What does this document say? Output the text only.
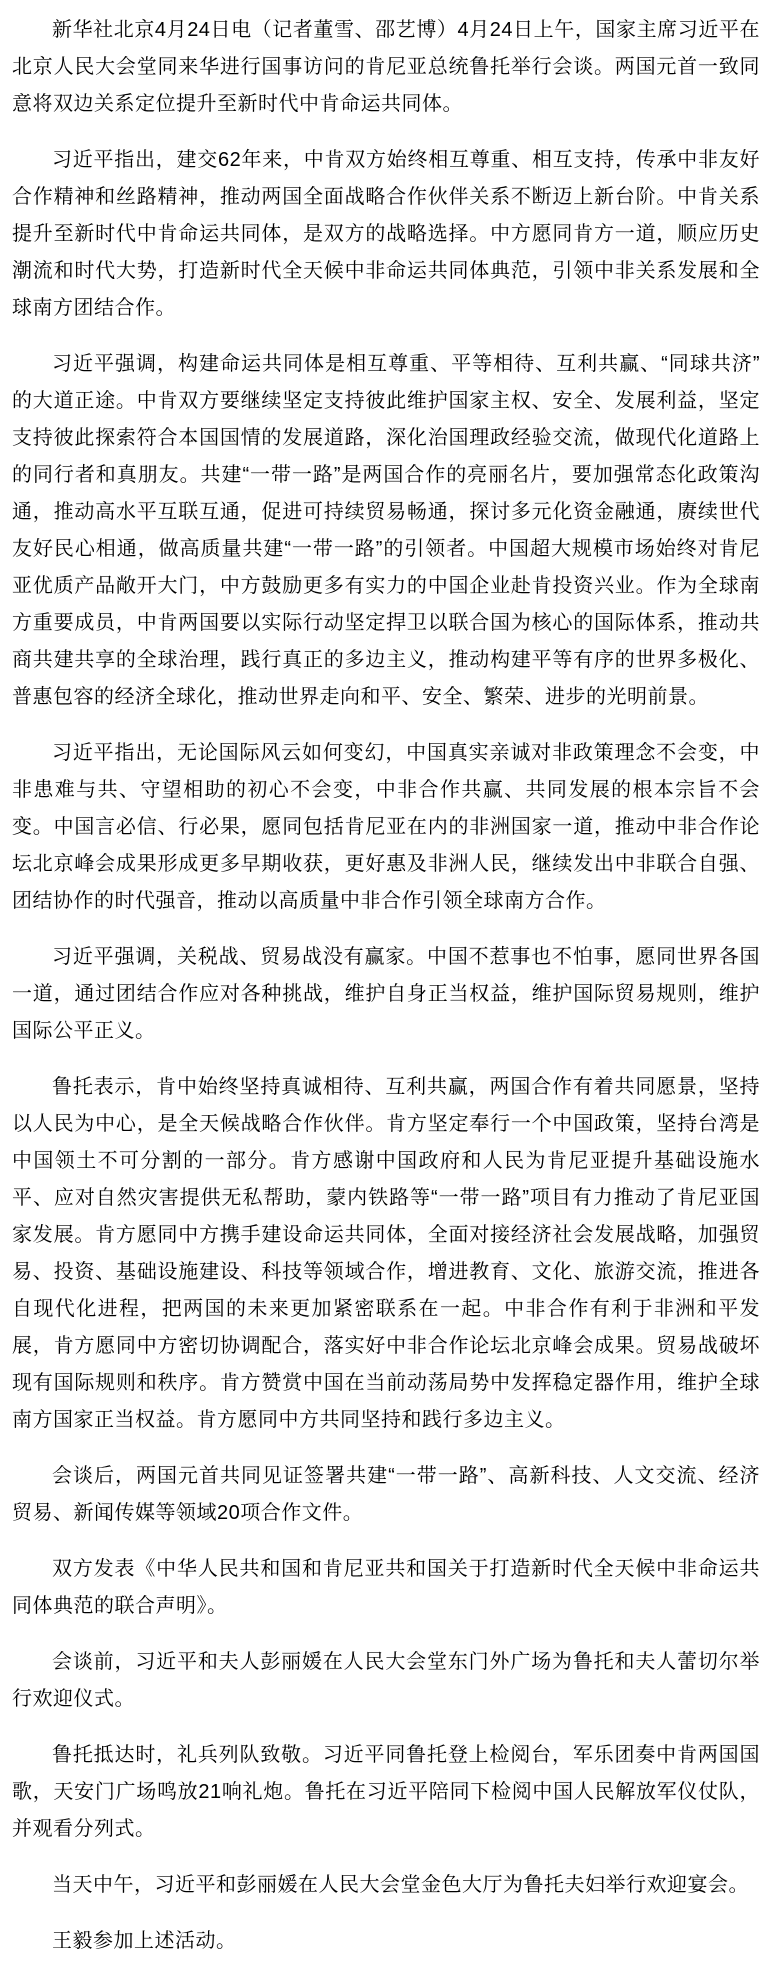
新华社北京4月24日电（记者董雪、邵艺博）4月24日上午，国家主席习近平在北京人民大会堂同来华进行国事访问的肯尼亚总统鲁托举行会谈。两国元首一致同意将双边关系定位提升至新时代中肯命运共同体。

习近平指出，建交62年来，中肯双方始终相互尊重、相互支持，传承中非友好合作精神和丝路精神，推动两国全面战略合作伙伴关系不断迈上新台阶。中肯关系提升至新时代中肯命运共同体，是双方的战略选择。中方愿同肯方一道，顺应历史潮流和时代大势，打造新时代全天候中非命运共同体典范，引领中非关系发展和全球南方团结合作。

习近平强调，构建命运共同体是相互尊重、平等相待、互利共赢、“同球共济”的大道正途。中肯双方要继续坚定支持彼此维护国家主权、安全、发展利益，坚定支持彼此探索符合本国国情的发展道路，深化治国理政经验交流，做现代化道路上的同行者和真朋友。共建“一带一路”是两国合作的亮丽名片，要加强常态化政策沟通，推动高水平互联互通，促进可持续贸易畅通，探讨多元化资金融通，赓续世代友好民心相通，做高质量共建“一带一路”的引领者。中国超大规模市场始终对肯尼亚优质产品敞开大门，中方鼓励更多有实力的中国企业赴肯投资兴业。作为全球南方重要成员，中肯两国要以实际行动坚定捍卫以联合国为核心的国际体系，推动共商共建共享的全球治理，践行真正的多边主义，推动构建平等有序的世界多极化、普惠包容的经济全球化，推动世界走向和平、安全、繁荣、进步的光明前景。

习近平指出，无论国际风云如何变幻，中国真实亲诚对非政策理念不会变，中非患难与共、守望相助的初心不会变，中非合作共赢、共同发展的根本宗旨不会变。中国言必信、行必果，愿同包括肯尼亚在内的非洲国家一道，推动中非合作论坛北京峰会成果形成更多早期收获，更好惠及非洲人民，继续发出中非联合自强、团结协作的时代强音，推动以高质量中非合作引领全球南方合作。

习近平强调，关税战、贸易战没有赢家。中国不惹事也不怕事，愿同世界各国一道，通过团结合作应对各种挑战，维护自身正当权益，维护国际贸易规则，维护国际公平正义。

鲁托表示，肯中始终坚持真诚相待、互利共赢，两国合作有着共同愿景，坚持以人民为中心，是全天候战略合作伙伴。肯方坚定奉行一个中国政策，坚持台湾是中国领土不可分割的一部分。肯方感谢中国政府和人民为肯尼亚提升基础设施水平、应对自然灾害提供无私帮助，蒙内铁路等“一带一路”项目有力推动了肯尼亚国家发展。肯方愿同中方携手建设命运共同体，全面对接经济社会发展战略，加强贸易、投资、基础设施建设、科技等领域合作，增进教育、文化、旅游交流，推进各自现代化进程，把两国的未来更加紧密联系在一起。中非合作有利于非洲和平发展，肯方愿同中方密切协调配合，落实好中非合作论坛北京峰会成果。贸易战破坏现有国际规则和秩序。肯方赞赏中国在当前动荡局势中发挥稳定器作用，维护全球南方国家正当权益。肯方愿同中方共同坚持和践行多边主义。

会谈后，两国元首共同见证签署共建“一带一路”、高新科技、人文交流、经济贸易、新闻传媒等领域20项合作文件。

双方发表《中华人民共和国和肯尼亚共和国关于打造新时代全天候中非命运共同体典范的联合声明》。

会谈前，习近平和夫人彭丽媛在人民大会堂东门外广场为鲁托和夫人蕾切尔举行欢迎仪式。

鲁托抵达时，礼兵列队致敬。习近平同鲁托登上检阅台，军乐团奏中肯两国国歌，天安门广场鸣放21响礼炮。鲁托在习近平陪同下检阅中国人民解放军仪仗队，并观看分列式。

当天中午，习近平和彭丽媛在人民大会堂金色大厅为鲁托夫妇举行欢迎宴会。

王毅参加上述活动。
